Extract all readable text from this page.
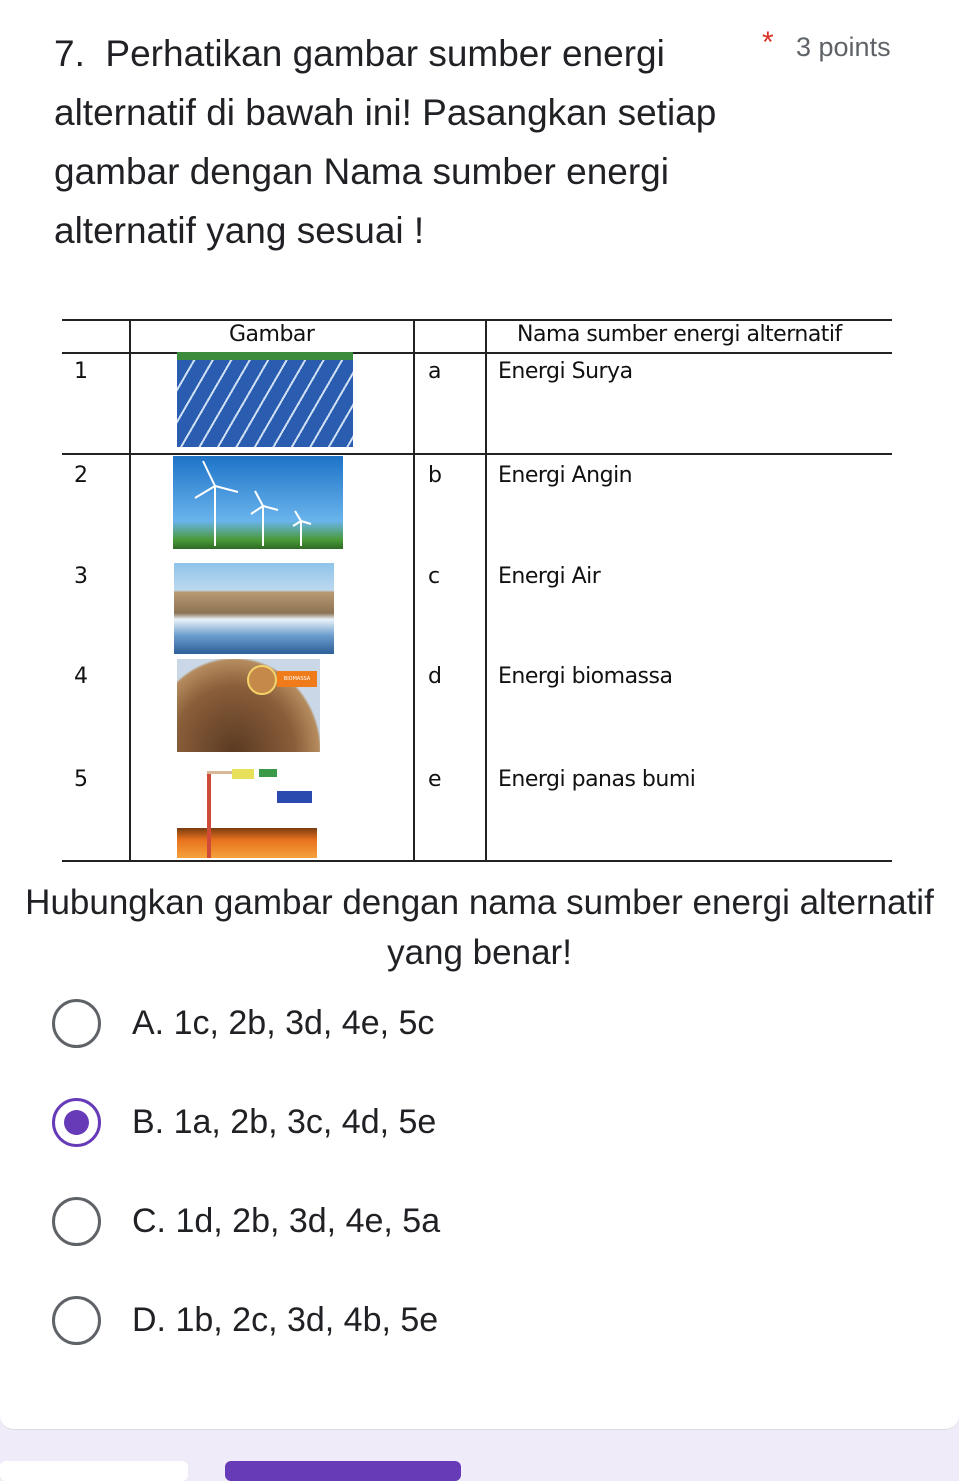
7. Perhatikan gambar sumber energi alternatif di bawah ini! Pasangkan setiap gambar dengan Nama sumber energi alternatif yang sesuai !
* 3 points
Gambar	Nama sumber energi alternatif
1
2
3
4
5
a
b
c
d
e
Energi Surya
Energi Angin
Energi Air
Energi biomassa
Energi panas bumi
BIOMASSA
Hubungkan gambar dengan nama sumber energi alternatif yang benar!
A. 1c, 2b, 3d, 4e, 5c
B. 1a, 2b, 3c, 4d, 5e
C. 1d, 2b, 3d, 4e, 5a
D. 1b, 2c, 3d, 4b, 5e
